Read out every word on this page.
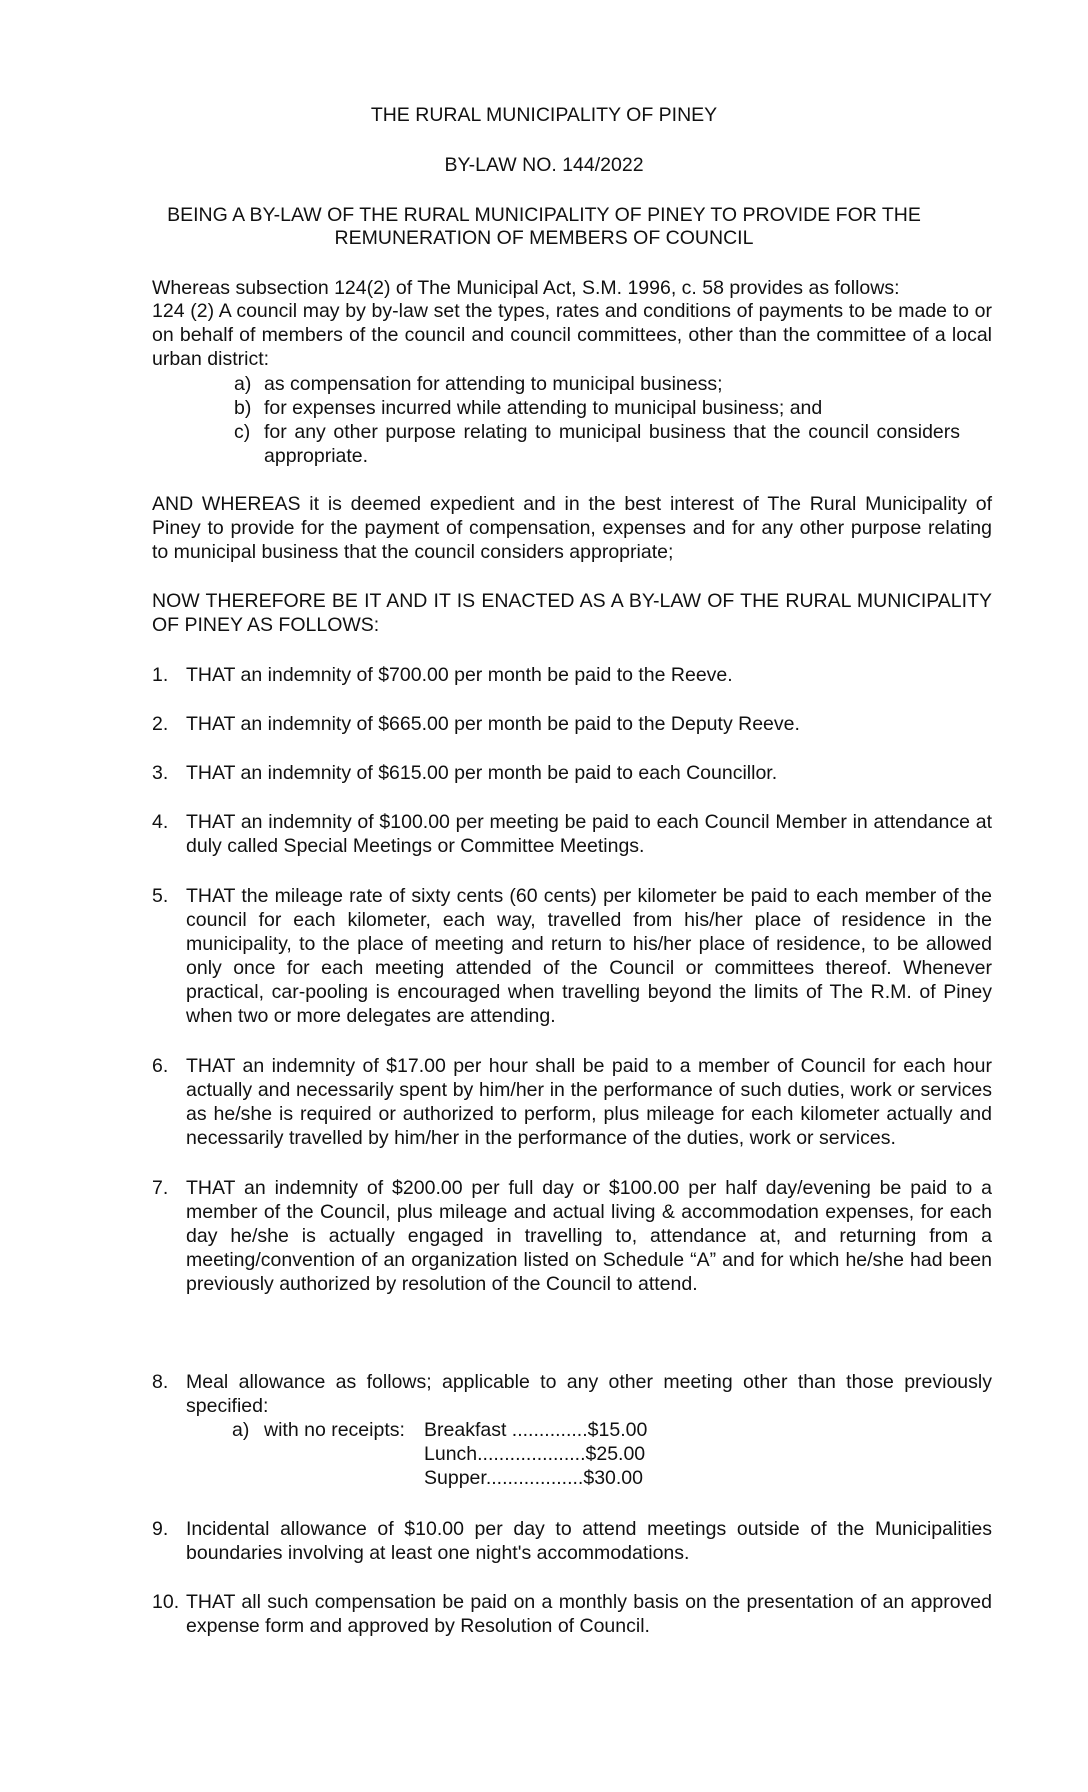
THE RURAL MUNICIPALITY OF PINEY
BY-LAW NO. 144/2022
BEING A BY-LAW OF THE RURAL MUNICIPALITY OF PINEY TO PROVIDE FOR THE
REMUNERATION OF MEMBERS OF COUNCIL
Whereas subsection 124(2) of The Municipal Act, S.M. 1996, c. 58 provides as follows:
124 (2) A council may by by-law set the types, rates and conditions of payments to be made to or on behalf of members of the council and council committees, other than the committee of a local urban district:
a) as compensation for attending to municipal business;
b) for expenses incurred while attending to municipal business; and
c) for any other purpose relating to municipal business that the council considers appropriate.
AND WHEREAS it is deemed expedient and in the best interest of The Rural Municipality of Piney to provide for the payment of compensation, expenses and for any other purpose relating to municipal business that the council considers appropriate;
NOW THEREFORE BE IT AND IT IS ENACTED AS A BY-LAW OF THE RURAL MUNICIPALITY OF PINEY AS FOLLOWS:
1. THAT an indemnity of $700.00 per month be paid to the Reeve.
2. THAT an indemnity of $665.00 per month be paid to the Deputy Reeve.
3. THAT an indemnity of $615.00 per month be paid to each Councillor.
4. THAT an indemnity of $100.00 per meeting be paid to each Council Member in attendance at duly called Special Meetings or Committee Meetings.
5. THAT the mileage rate of sixty cents (60 cents) per kilometer be paid to each member of the council for each kilometer, each way, travelled from his/her place of residence in the municipality, to the place of meeting and return to his/her place of residence, to be allowed only once for each meeting attended of the Council or committees thereof. Whenever practical, car-pooling is encouraged when travelling beyond the limits of The R.M. of Piney when two or more delegates are attending.
6. THAT an indemnity of $17.00 per hour shall be paid to a member of Council for each hour actually and necessarily spent by him/her in the performance of such duties, work or services as he/she is required or authorized to perform, plus mileage for each kilometer actually and necessarily travelled by him/her in the performance of the duties, work or services.
7. THAT an indemnity of $200.00 per full day or $100.00 per half day/evening be paid to a member of the Council, plus mileage and actual living & accommodation expenses, for each day he/she is actually engaged in travelling to, attendance at, and returning from a meeting/convention of an organization listed on Schedule “A” and for which he/she had been previously authorized by resolution of the Council to attend.
8. Meal allowance as follows; applicable to any other meeting other than those previously specified:
a) with no receipts: Breakfast ..............$15.00
Lunch....................$25.00
Supper..................$30.00
9. Incidental allowance of $10.00 per day to attend meetings outside of the Municipalities boundaries involving at least one night's accommodations.
10. THAT all such compensation be paid on a monthly basis on the presentation of an approved expense form and approved by Resolution of Council.
